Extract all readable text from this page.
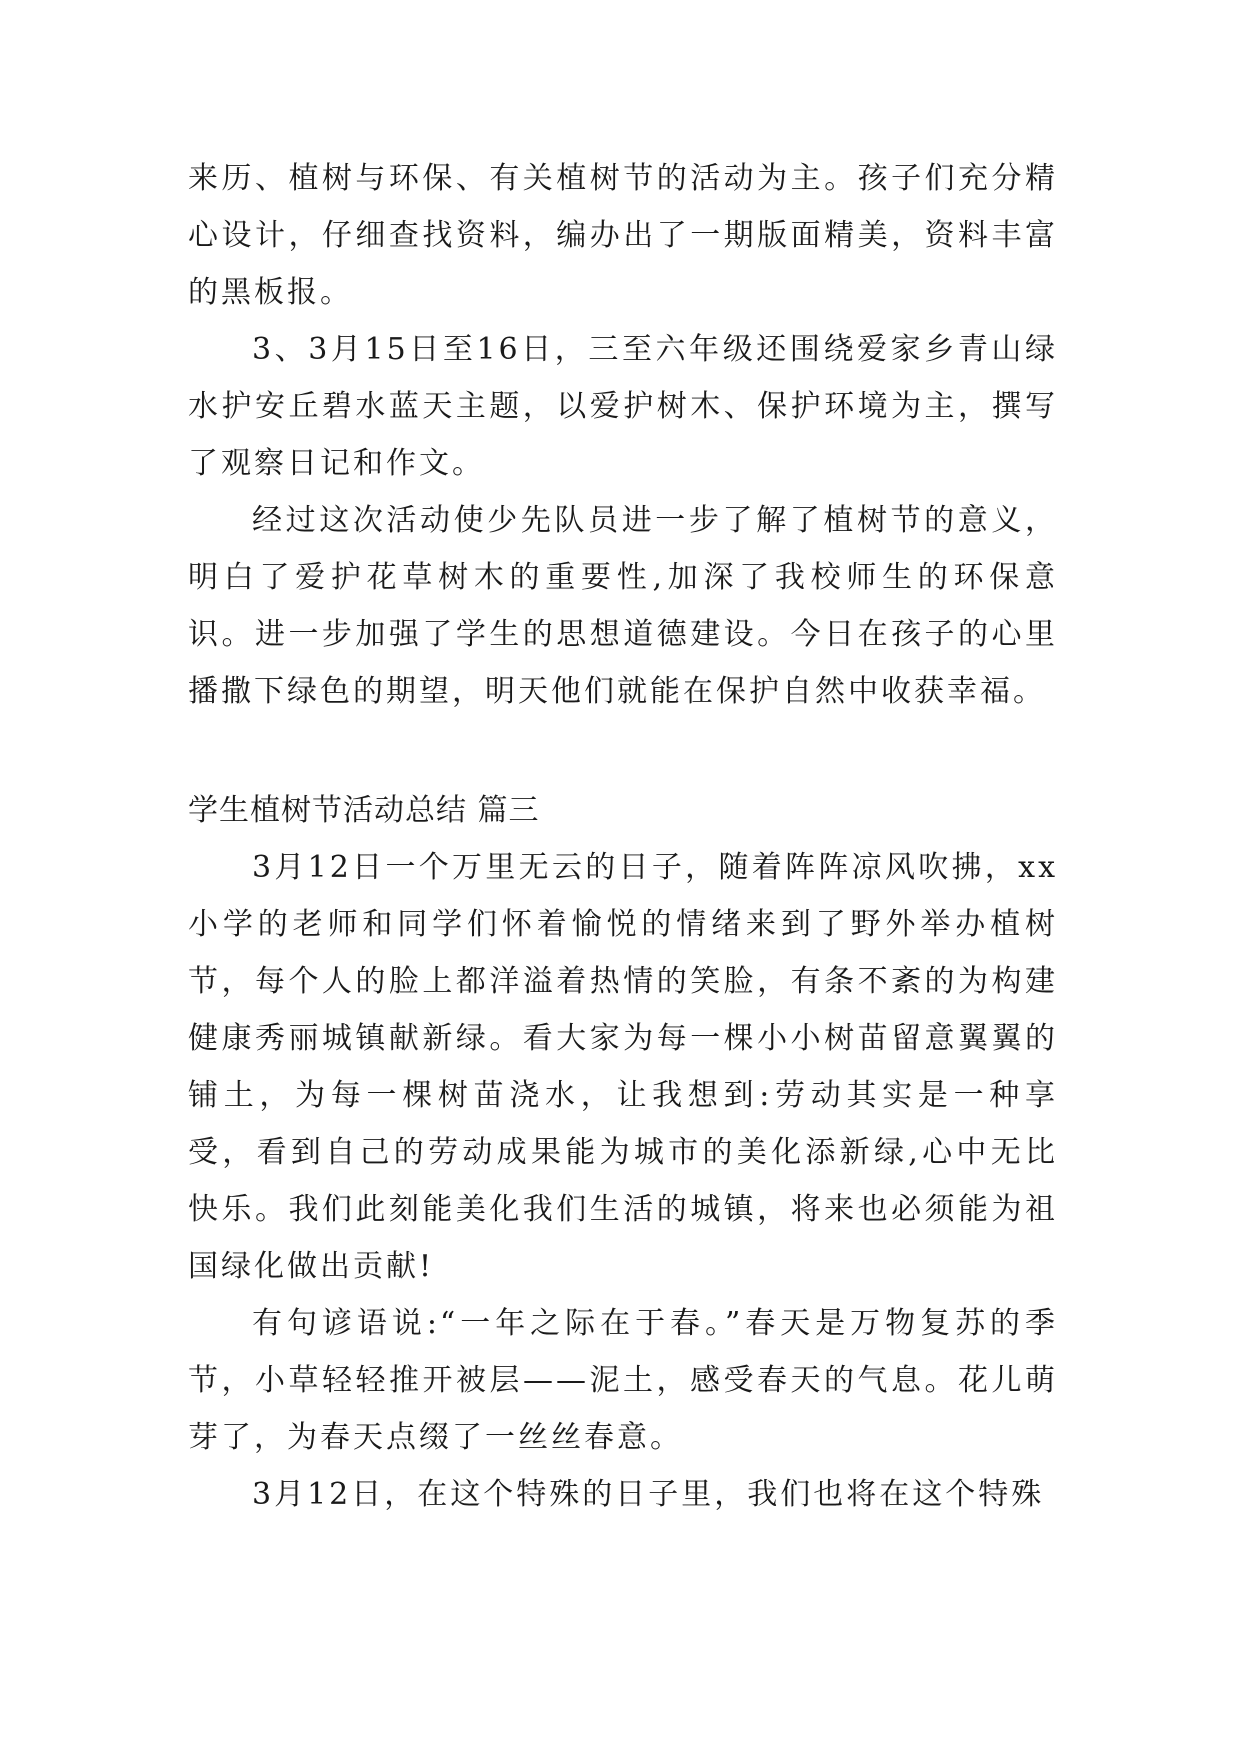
来历、植树与环保、有关植树节的活动为主。孩子们充分精心设计，仔细查找资料，编办出了一期版面精美，资料丰富的黑板报。

3、3月15日至16日，三至六年级还围绕爱家乡青山绿水护安丘碧水蓝天主题，以爱护树木、保护环境为主，撰写了观察日记和作文。

经过这次活动使少先队员进一步了解了植树节的意义，明白了爱护花草树木的重要性,加深了我校师生的环保意识。进一步加强了学生的思想道德建设。今日在孩子的心里播撒下绿色的期望，明天他们就能在保护自然中收获幸福。

学生植树节活动总结 篇三

3月12日一个万里无云的日子，随着阵阵凉风吹拂，xx小学的老师和同学们怀着愉悦的情绪来到了野外举办植树节，每个人的脸上都洋溢着热情的笑脸，有条不紊的为构建健康秀丽城镇献新绿。看大家为每一棵小小树苗留意翼翼的铺土，为每一棵树苗浇水，让我想到:劳动其实是一种享受，看到自己的劳动成果能为城市的美化添新绿,心中无比快乐。我们此刻能美化我们生活的城镇，将来也必须能为祖国绿化做出贡献!

有句谚语说:“一年之际在于春。”春天是万物复苏的季节，小草轻轻推开被层——泥土，感受春天的气息。花儿萌芽了，为春天点缀了一丝丝春意。

3月12日，在这个特殊的日子里，我们也将在这个特殊
